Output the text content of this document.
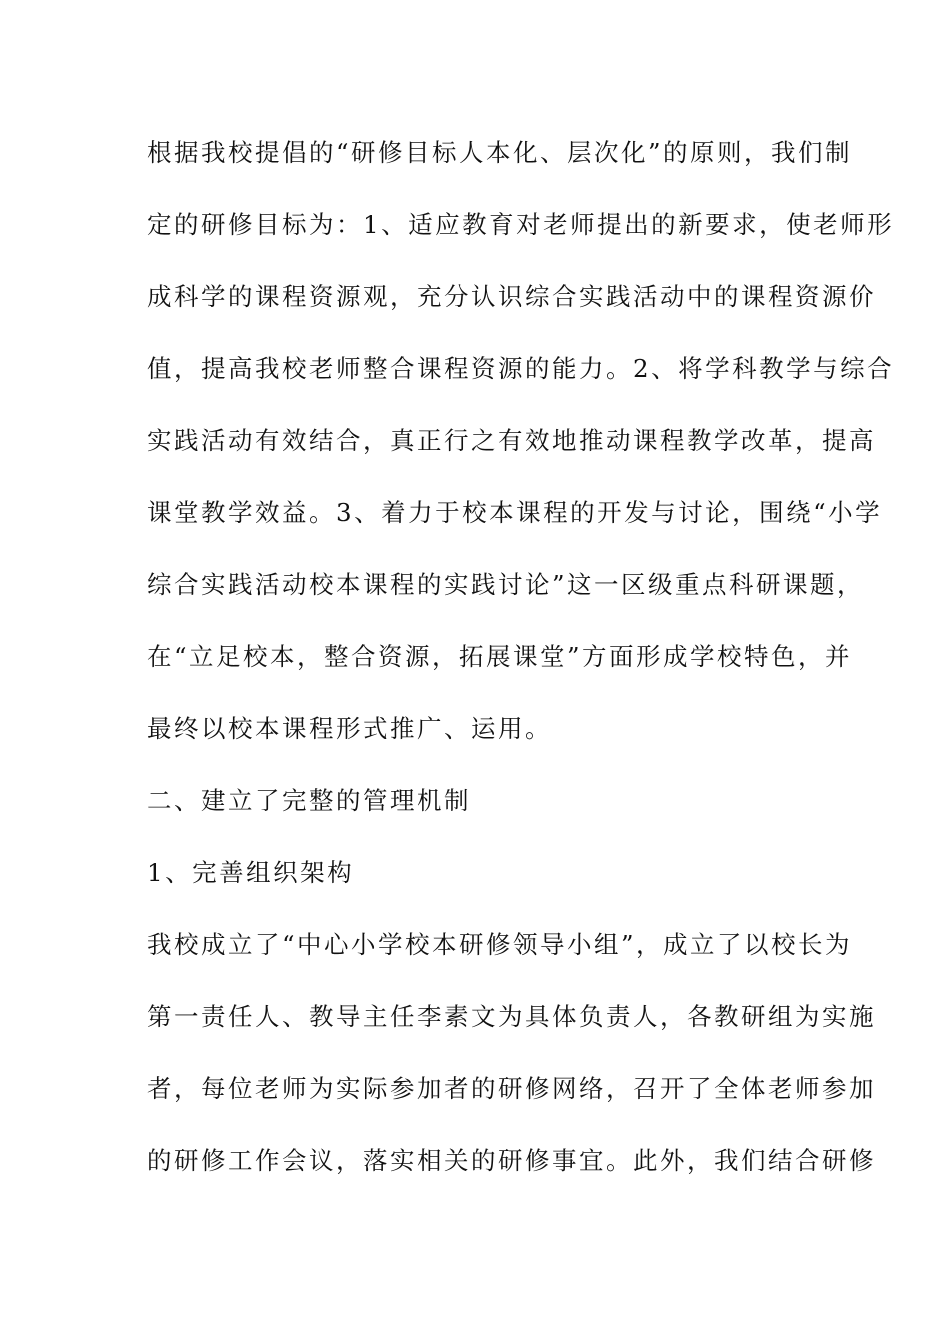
根据我校提倡的“研修目标人本化、层次化”的原则，我们制
定的研修目标为：1、适应教育对老师提出的新要求，使老师形
成科学的课程资源观，充分认识综合实践活动中的课程资源价
值，提高我校老师整合课程资源的能力。2、将学科教学与综合
实践活动有效结合，真正行之有效地推动课程教学改革，提高
课堂教学效益。3、着力于校本课程的开发与讨论，围绕“小学
综合实践活动校本课程的实践讨论”这一区级重点科研课题，
在“立足校本，整合资源，拓展课堂”方面形成学校特色，并
最终以校本课程形式推广、运用。
二、建立了完整的管理机制
1、完善组织架构
我校成立了“中心小学校本研修领导小组”，成立了以校长为
第一责任人、教导主任李素文为具体负责人，各教研组为实施
者，每位老师为实际参加者的研修网络，召开了全体老师参加
的研修工作会议，落实相关的研修事宜。此外，我们结合研修
